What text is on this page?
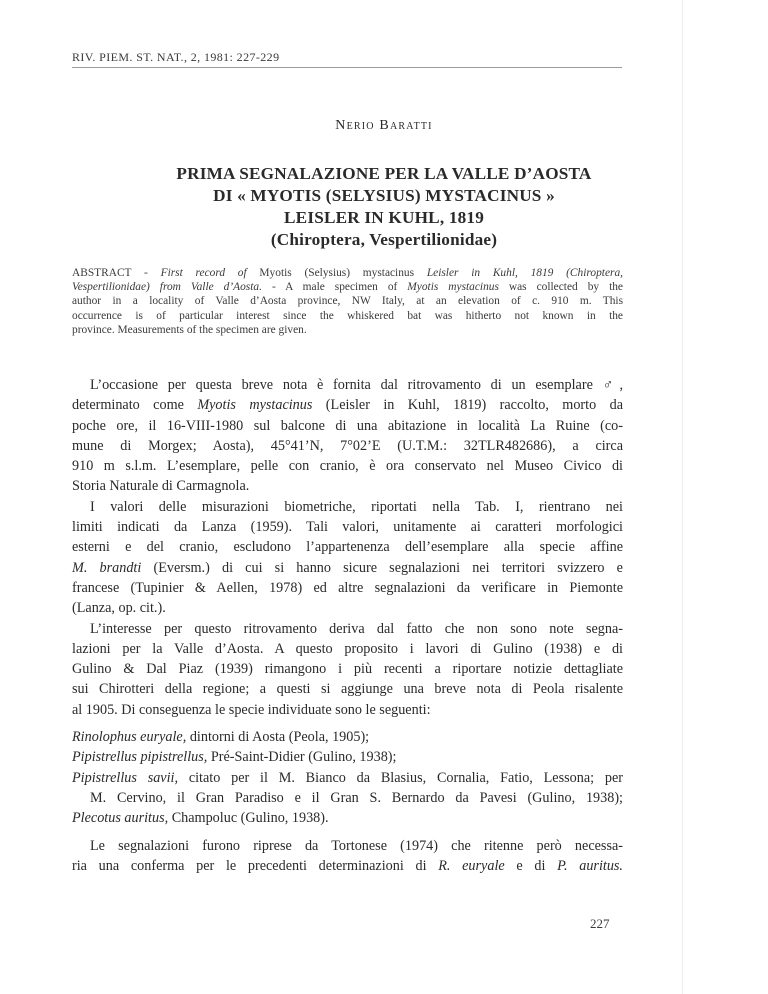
RIV. PIEM. ST. NAT., 2, 1981: 227-229
Nerio Baratti
PRIMA SEGNALAZIONE PER LA VALLE D’AOSTA
DI « MYOTIS (SELYSIUS) MYSTACINUS »
LEISLER IN KUHL, 1819
(Chiroptera, Vespertilionidae)
ABSTRACT - First record of Myotis (Selysius) mystacinus Leisler in Kuhl, 1819 (Chiroptera,
Vespertilionidae) from Valle d’Aosta. - A male specimen of Myotis mystacinus was collected by the
author in a locality of Valle d’Aosta province, NW Italy, at an elevation of c. 910 m. This
occurrence is of particular interest since the whiskered bat was hitherto not known in the
province. Measurements of the specimen are given.
L’occasione per questa breve nota è fornita dal ritrovamento di un esemplare ♂,
determinato come Myotis mystacinus (Leisler in Kuhl, 1819) raccolto, morto da
poche ore, il 16-VIII-1980 sul balcone di una abitazione in località La Ruine (co-
mune di Morgex; Aosta), 45°41’N, 7°02’E (U.T.M.: 32TLR482686), a circa
910 m s.l.m. L’esemplare, pelle con cranio, è ora conservato nel Museo Civico di
Storia Naturale di Carmagnola.
I valori delle misurazioni biometriche, riportati nella Tab. I, rientrano nei
limiti indicati da Lanza (1959). Tali valori, unitamente ai caratteri morfologici
esterni e del cranio, escludono l’appartenenza dell’esemplare alla specie affine
M. brandti (Eversm.) di cui si hanno sicure segnalazioni nei territori svizzero e
francese (Tupinier & Aellen, 1978) ed altre segnalazioni da verificare in Piemonte
(Lanza, op. cit.).
L’interesse per questo ritrovamento deriva dal fatto che non sono note segna-
lazioni per la Valle d’Aosta. A questo proposito i lavori di Gulino (1938) e di
Gulino & Dal Piaz (1939) rimangono i più recenti a riportare notizie dettagliate
sui Chirotteri della regione; a questi si aggiunge una breve nota di Peola risalente
al 1905. Di conseguenza le specie individuate sono le seguenti:
Rinolophus euryale, dintorni di Aosta (Peola, 1905);
Pipistrellus pipistrellus, Pré-Saint-Didier (Gulino, 1938);
Pipistrellus savii, citato per il M. Bianco da Blasius, Cornalia, Fatio, Lessona; per
M. Cervino, il Gran Paradiso e il Gran S. Bernardo da Pavesi (Gulino, 1938);
Plecotus auritus, Champoluc (Gulino, 1938).
Le segnalazioni furono riprese da Tortonese (1974) che ritenne però necessa-
ria una conferma per le precedenti determinazioni di R. euryale e di P. auritus.
227
